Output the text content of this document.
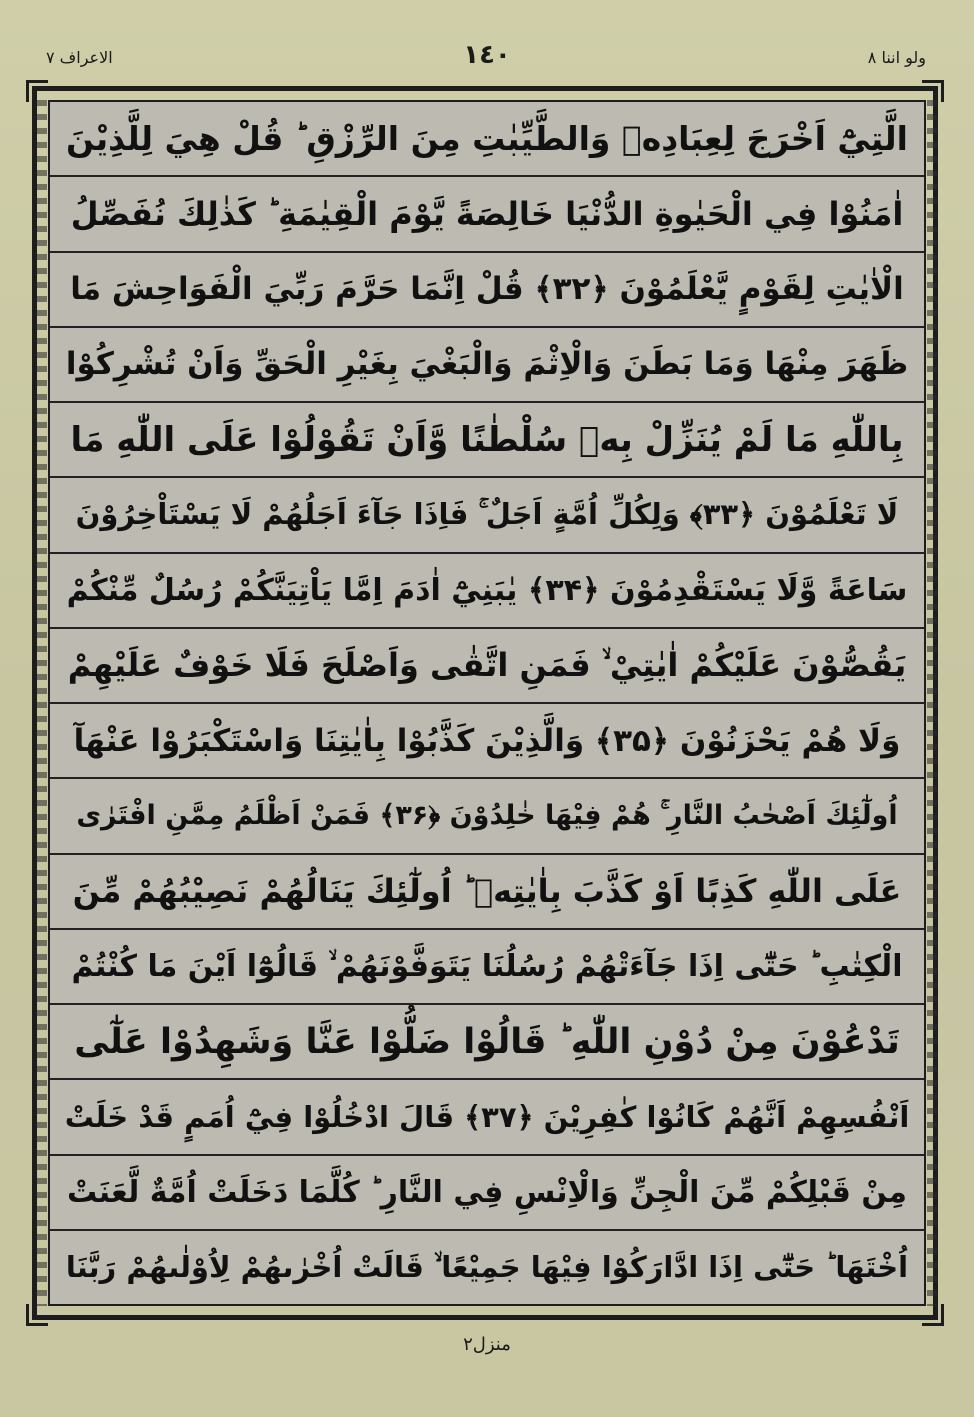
ولو اننا ۸
١٤٠
الاعراف ۷
الَّتِيْٓ اَخْرَجَ لِعِبَادِهٖ وَالطَّيِّبٰتِ مِنَ الرِّزْقِ ؕ قُلْ هِيَ لِلَّذِيْنَ
اٰمَنُوْا فِي الْحَيٰوةِ الدُّنْيَا خَالِصَةً يَّوْمَ الْقِيٰمَةِ ؕ كَذٰلِكَ نُفَصِّلُ
الْاٰيٰتِ لِقَوْمٍ يَّعْلَمُوْنَ ﴿۳۲﴾ قُلْ اِنَّمَا حَرَّمَ رَبِّيَ الْفَوَاحِشَ مَا
ظَهَرَ مِنْهَا وَمَا بَطَنَ وَالْاِثْمَ وَالْبَغْيَ بِغَيْرِ الْحَقِّ وَاَنْ تُشْرِكُوْا
بِاللّٰهِ مَا لَمْ يُنَزِّلْ بِهٖ سُلْطٰنًا وَّاَنْ تَقُوْلُوْا عَلَى اللّٰهِ مَا
لَا تَعْلَمُوْنَ ﴿۳۳﴾ وَلِكُلِّ اُمَّةٍ اَجَلٌ ۚ فَاِذَا جَآءَ اَجَلُهُمْ لَا يَسْتَاْخِرُوْنَ
سَاعَةً وَّلَا يَسْتَقْدِمُوْنَ ﴿۳۴﴾ يٰبَنِيْٓ اٰدَمَ اِمَّا يَاْتِيَنَّكُمْ رُسُلٌ مِّنْكُمْ
يَقُصُّوْنَ عَلَيْكُمْ اٰيٰتِيْ ۙ فَمَنِ اتَّقٰى وَاَصْلَحَ فَلَا خَوْفٌ عَلَيْهِمْ
وَلَا هُمْ يَحْزَنُوْنَ ﴿۳۵﴾ وَالَّذِيْنَ كَذَّبُوْا بِاٰيٰتِنَا وَاسْتَكْبَرُوْا عَنْهَآ
اُولٰٓئِكَ اَصْحٰبُ النَّارِ ۚ هُمْ فِيْهَا خٰلِدُوْنَ ﴿۳۶﴾ فَمَنْ اَظْلَمُ مِمَّنِ افْتَرٰى
عَلَى اللّٰهِ كَذِبًا اَوْ كَذَّبَ بِاٰيٰتِهٖ ؕ اُولٰٓئِكَ يَنَالُهُمْ نَصِيْبُهُمْ مِّنَ
الْكِتٰبِ ؕ حَتّٰٓى اِذَا جَآءَتْهُمْ رُسُلُنَا يَتَوَفَّوْنَهُمْ ۙ قَالُوْٓا اَيْنَ مَا كُنْتُمْ
تَدْعُوْنَ مِنْ دُوْنِ اللّٰهِ ؕ قَالُوْا ضَلُّوْا عَنَّا وَشَهِدُوْا عَلٰٓى
اَنْفُسِهِمْ اَنَّهُمْ كَانُوْا كٰفِرِيْنَ ﴿۳۷﴾ قَالَ ادْخُلُوْا فِيْٓ اُمَمٍ قَدْ خَلَتْ
مِنْ قَبْلِكُمْ مِّنَ الْجِنِّ وَالْاِنْسِ فِي النَّارِ ؕ كُلَّمَا دَخَلَتْ اُمَّةٌ لَّعَنَتْ
اُخْتَهَا ؕ حَتّٰٓى اِذَا ادَّارَكُوْا فِيْهَا جَمِيْعًا ۙ قَالَتْ اُخْرٰىهُمْ لِاُوْلٰىهُمْ رَبَّنَا
منزل۲
